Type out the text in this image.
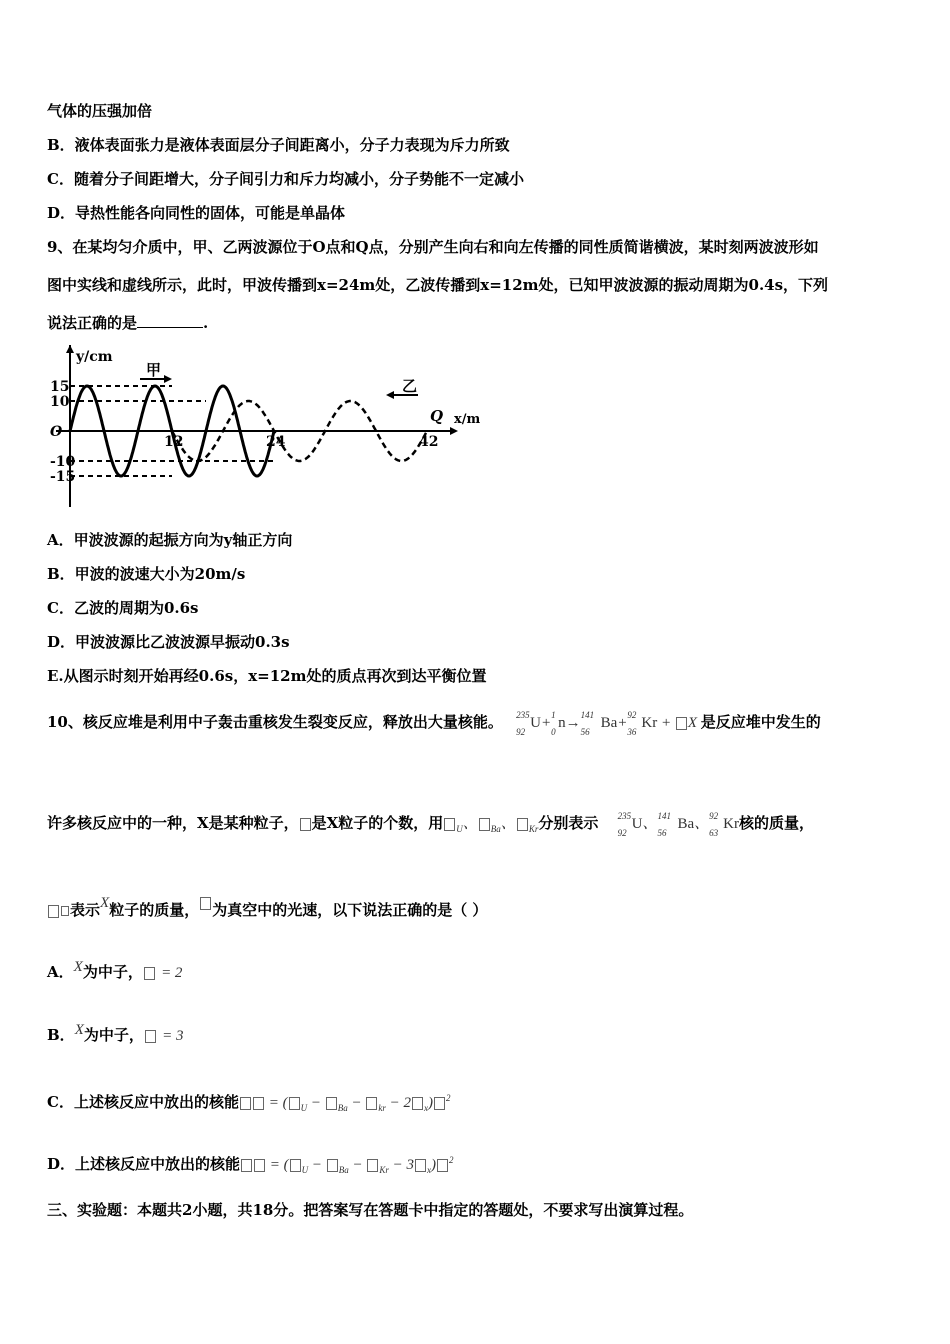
气体的压强加倍
B．液体表面张力是液体表面层分子间距离小，分子力表现为斥力所致
C．随着分子间距增大，分子间引力和斥力均减小，分子势能不一定减小
D．导热性能各向同性的固体，可能是单晶体
9、在某均匀介质中，甲、乙两波源位于O点和Q点，分别产生向右和向左传播的同性质简谐横波，某时刻两波波形如
图中实线和虚线所示，此时，甲波传播到x=24m处，乙波传播到x=12m处，已知甲波波源的振动周期为0.4s，下列
说法正确的是	.
y/cm
x/m
15
10
O
-10
-15
12	24	42
甲
乙
Q
A．甲波波源的起振方向为y轴正方向
B．甲波的波速大小为20m/s
C．乙波的周期为0.6s
D．甲波波源比乙波波源早振动0.3s
E.从图示时刻开始再经0.6s，x=12m处的质点再次到达平衡位置
10、核反应堆是利用中子轰击重核发生裂变反应，释放出大量核能。 235
92
U+ 1
0
n→ 141
56
Ba+ 92
36
Kr + X 是反应堆中发生的
许多核反应中的一种，X是某种粒子， 是X粒子的个数，用 $_U$、 $_{Ba}$、 $_{Kr}$分别表示 235
92
U、 141
56
Ba、 92
63
Kr核的质量，
表示X粒子的质量， 为真空中的光速，以下说法正确的是（ ）
A．X为中子， = 2
B．X为中子， = 3
C．上述核反应中放出的核能 = ( $_U$ − $_{Ba}$ − $_{kr}$ − 2 $_x$) $^2$
D．上述核反应中放出的核能 = ( $_U$ − $_{Ba}$ − $_{Kr}$ − 3 $_x$) $^2$
三、实验题：本题共2小题，共18分。把答案写在答题卡中指定的答题处，不要求写出演算过程。
